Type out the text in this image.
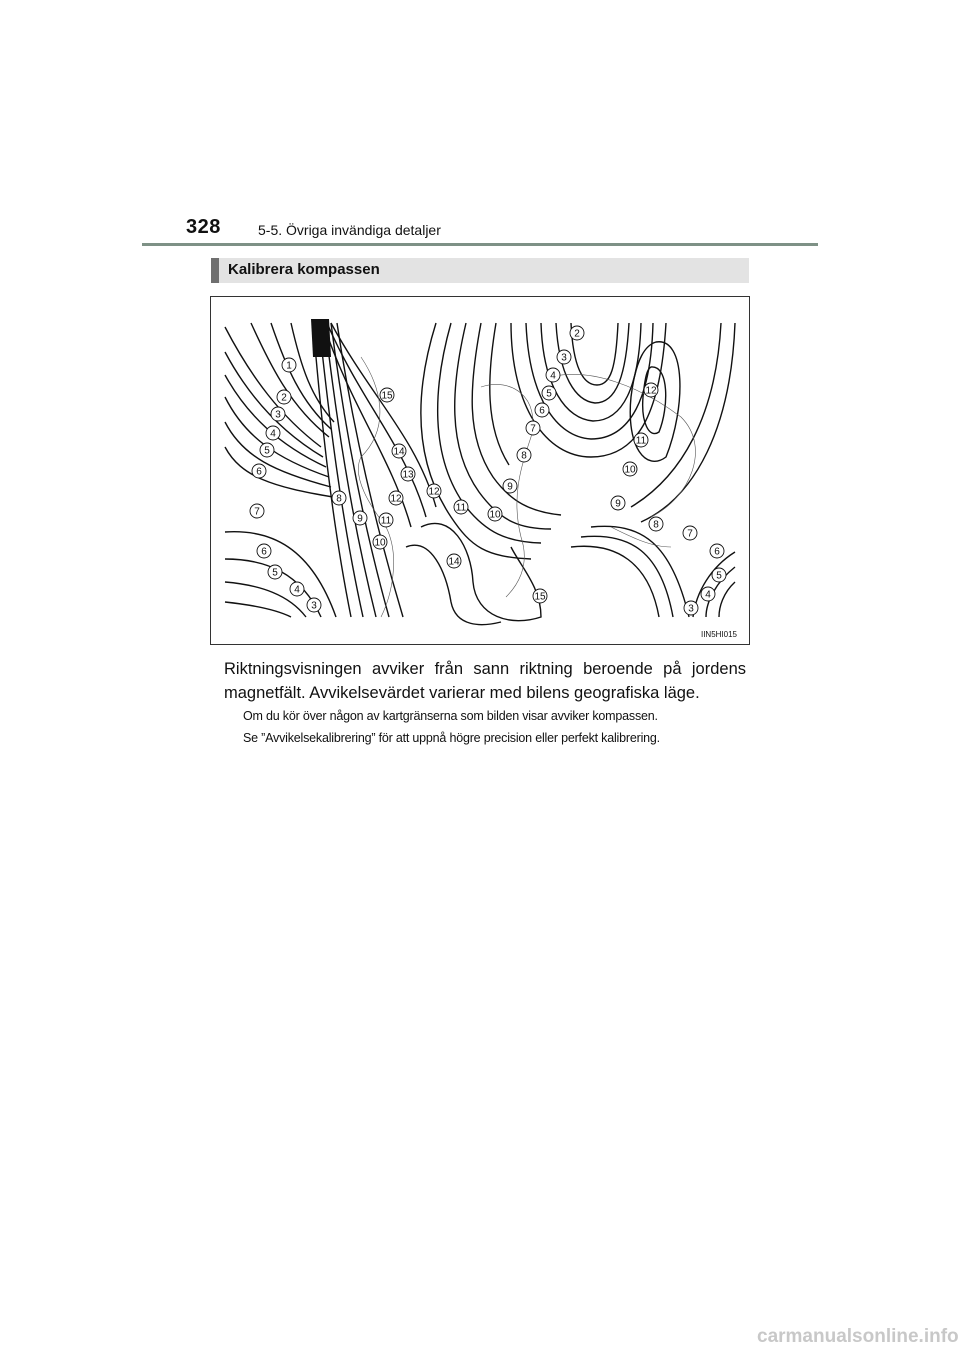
328	5-5. Övriga invändiga detaljer
Kalibrera kompassen
1
2
2
3
3
4
4
5
5
6
6
7
7
8
8
9
9
10
10
11
11
12
12
13
14
15
6
5
4
3
14
15
9
8
7
6
5
4
3
10
11
12
IIN5HI015
Riktningsvisningen avviker från sann riktning beroende på jordens magnetfält. Avvikelsevärdet varierar med bilens geografiska läge.
Om du kör över någon av kartgränserna som bilden visar avviker kompassen.
Se ”Avvikelsekalibrering” för att uppnå högre precision eller perfekt kalibrering.
carmanualsonline.info
